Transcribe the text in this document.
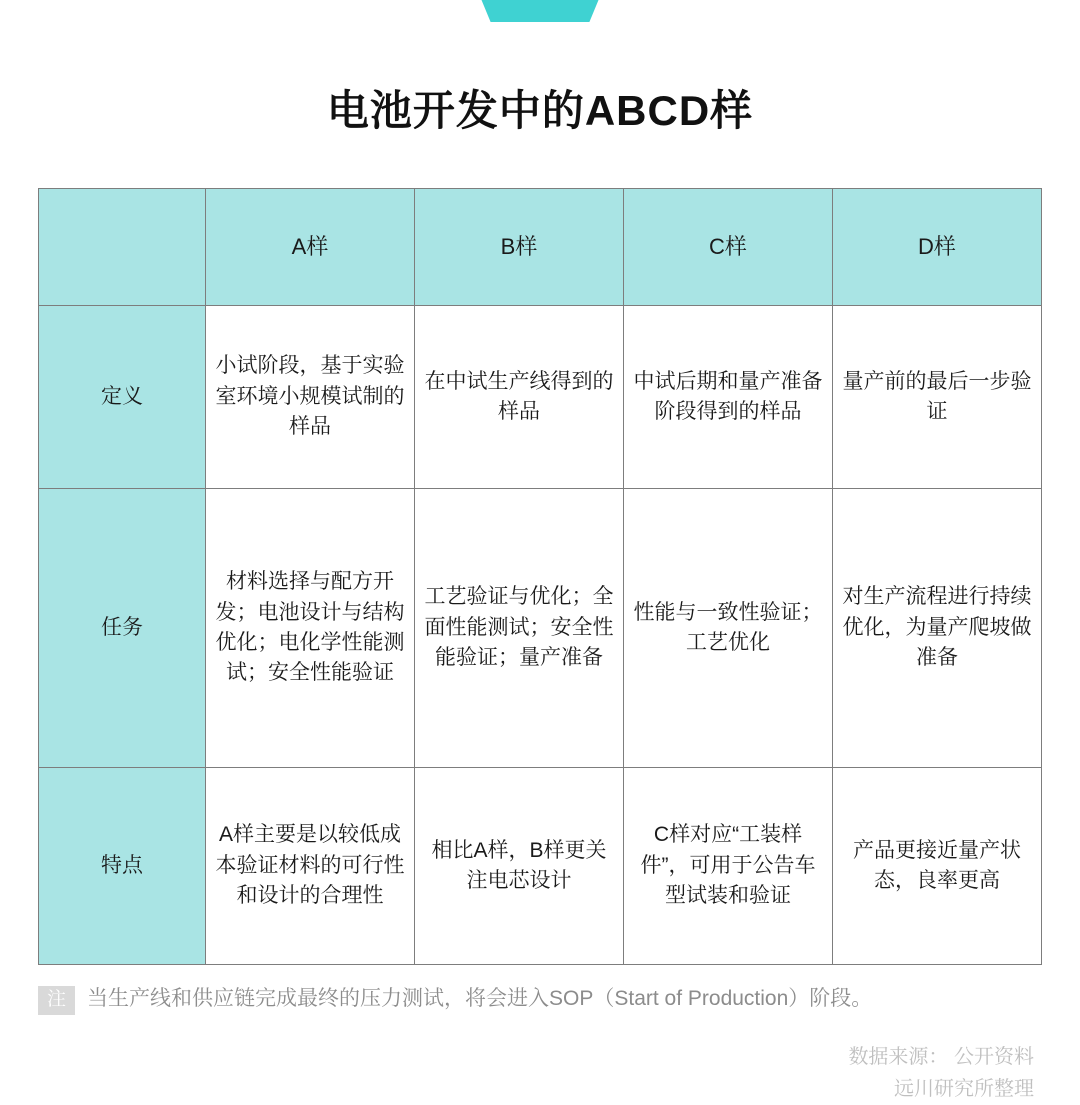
电池开发中的ABCD样
	A样	B样	C样	D样
定义	小试阶段，基于实验室环境小规模试制的样品	在中试生产线得到的样品	中试后期和量产准备阶段得到的样品	量产前的最后一步验证
任务	材料选择与配方开发；电池设计与结构优化；电化学性能测试；安全性能验证	工艺验证与优化；全面性能测试；安全性能验证；量产准备	性能与一致性验证；工艺优化	对生产流程进行持续优化，为量产爬坡做准备
特点	A样主要是以较低成本验证材料的可行性和设计的合理性	相比A样，B样更关注电芯设计	C样对应“工装样件”，可用于公告车型试装和验证	产品更接近量产状态，良率更高
注	当生产线和供应链完成最终的压力测试，将会进入SOP（Start of Production）阶段。
数据来源： 公开资料
远川研究所整理
